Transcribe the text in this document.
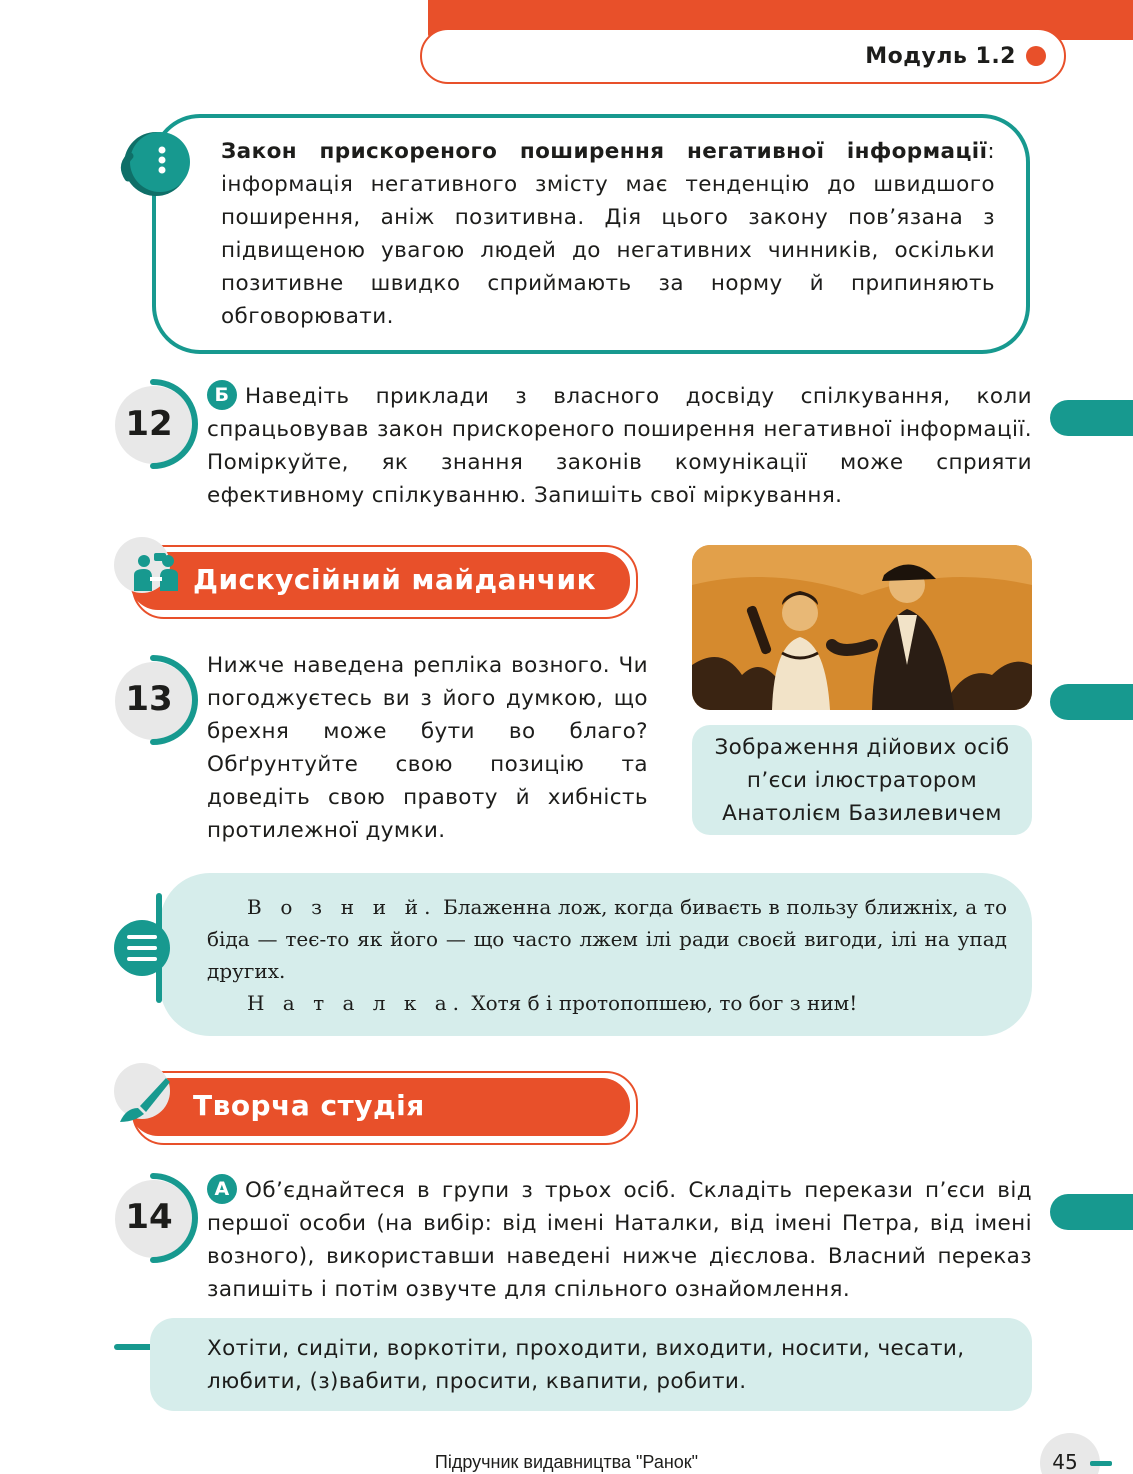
Модуль 1.2
Закон прискореного поширення негативної інформації: інформація негативного змісту має тенденцію до швидшого поширення, аніж позитивна. Дія цього закону пов’язана з підвищеною увагою людей до негативних чинників, оскільки позитивне швидко сприймають за норму й припиняють обговорювати.
12
Б Наведіть приклади з власного досвіду спілкування, коли спрацьовував закон прискореного поширення негативної інформації. Поміркуйте, як знання законів комунікації може сприяти ефективному спілкуванню. Запишіть свої міркування.
Дискусійний майданчик
13
Нижче наведена репліка возного. Чи погоджуєтесь ви з його думкою, що брехня може бути во благо? Обґрунтуйте свою позицію та доведіть свою правоту й хибність протилежної думки.
Зображення дійових осіб
п’єси ілюстратором
Анатолієм Базилевичем
В о з н и й. Блаженна лож, когда биваєть в пользу ближніх, а то біда — теє-то як його — що часто лжем ілі ради своєй вигоди, ілі на упад других.
Н а т а л к а. Хотя б і протопопшею, то бог з ним!
Творча студія
14
А Об’єднайтеся в групи з трьох осіб. Складіть перекази п’єси від першої особи (на вибір: від імені Наталки, від імені Петра, від імені возного), використавши наведені нижче дієслова. Власний переказ запишіть і потім озвучте для спільного ознайомлення.
Хотіти, сидіти, воркотіти, проходити, виходити, носити, чесати, любити, (з)вабити, просити, квапити, робити.
45
Підручник видавництва "Ранок"
